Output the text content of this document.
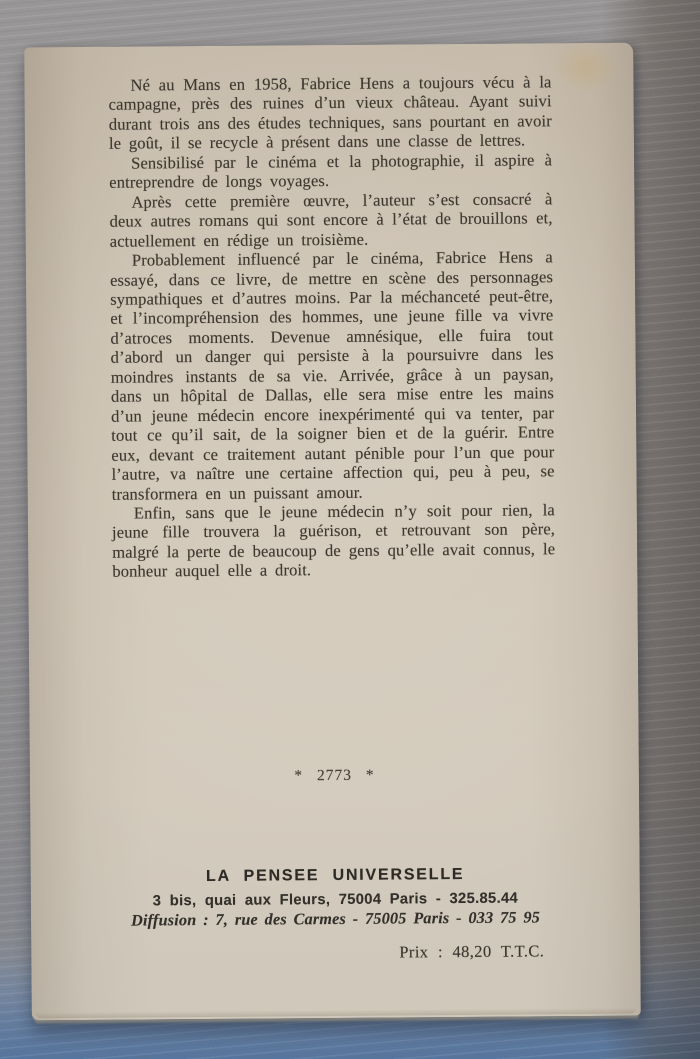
Né au Mans en 1958, Fabrice Hens a toujours vécu à la campagne, près des ruines d’un vieux château. Ayant suivi durant trois ans des études techniques, sans pourtant en avoir le goût, il se recycle à présent dans une classe de lettres.

Sensibilisé par le cinéma et la photographie, il aspire à entreprendre de longs voyages.

Après cette première œuvre, l’auteur s’est consacré à deux autres romans qui sont encore à l’état de brouillons et, actuellement en rédige un troisième.

Probablement influencé par le cinéma, Fabrice Hens a essayé, dans ce livre, de mettre en scène des personnages sympathiques et d’autres moins. Par la méchanceté peut-être, et l’incompréhension des hommes, une jeune fille va vivre d’atroces moments. Devenue amnésique, elle fuira tout d’abord un danger qui persiste à la poursuivre dans les moindres instants de sa vie. Arrivée, grâce à un paysan, dans un hôpital de Dallas, elle sera mise entre les mains d’un jeune médecin encore inexpérimenté qui va tenter, par tout ce qu’il sait, de la soigner bien et de la guérir. Entre eux, devant ce traitement autant pénible pour l’un que pour l’autre, va naître une certaine affection qui, peu à peu, se transformera en un puissant amour.

Enfin, sans que le jeune médecin n’y soit pour rien, la jeune fille trouvera la guérison, et retrouvant son père, malgré la perte de beaucoup de gens qu’elle avait connus, le bonheur auquel elle a droit.

* 2773 *
LA PENSEE UNIVERSELLE
3 bis, quai aux Fleurs, 75004 Paris - 325.85.44
Diffusion : 7, rue des Carmes - 75005 Paris - 033 75 95
Prix : 48,20 T.T.C.
